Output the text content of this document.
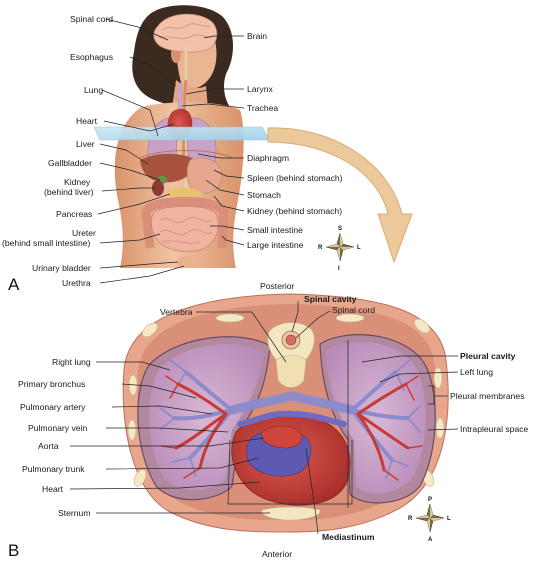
Spinal cord
Esophagus
Lung
Heart
Liver
Gallbladder
Kidney
(behind liver)
Pancreas
Ureter
(behind small intestine)
Urinary bladder
Urethra
Brain
Larynx
Trachea
Diaphragm
Spleen (behind stomach)
Stomach
Kidney (behind stomach)
Small intestine
Large intestine
S
I
R	L
A	Posterior
Anterior
Vertebra
Right lung
Primary bronchus
Pulmonary artery
Pulmonary vein
Aorta
Pulmonary trunk
Heart
Sternum
Spinal cavity
Spinal cord
Pleural cavity
Left lung
Pleural membranes
Intrapleural space
Mediastinum
P
A
R	L
B
